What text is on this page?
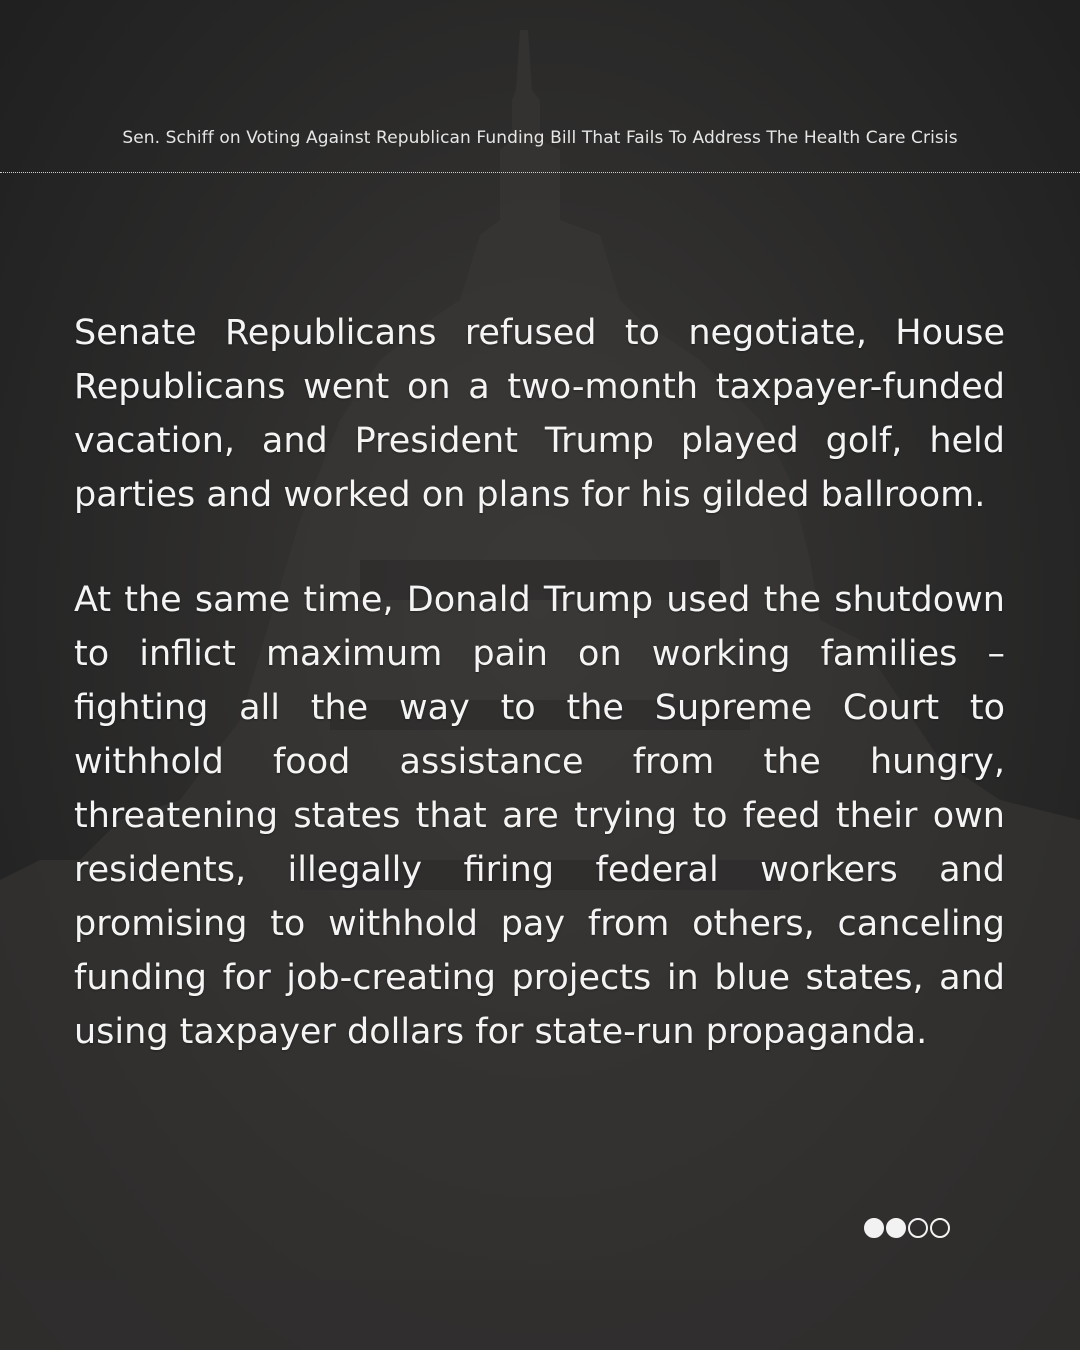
Sen. Schiff on Voting Against Republican Funding Bill That Fails To Address The Health Care Crisis

Senate Republicans refused to negotiate, House Republicans went on a two-month taxpayer-funded vacation, and President Trump played golf, held parties and worked on plans for his gilded ballroom.

At the same time, Donald Trump used the shutdown to inflict maximum pain on working families – fighting all the way to the Supreme Court to withhold food assistance from the hungry, threatening states that are trying to feed their own residents, illegally firing federal workers and promising to withhold pay from others, canceling funding for job-creating projects in blue states, and using taxpayer dollars for state-run propaganda.
